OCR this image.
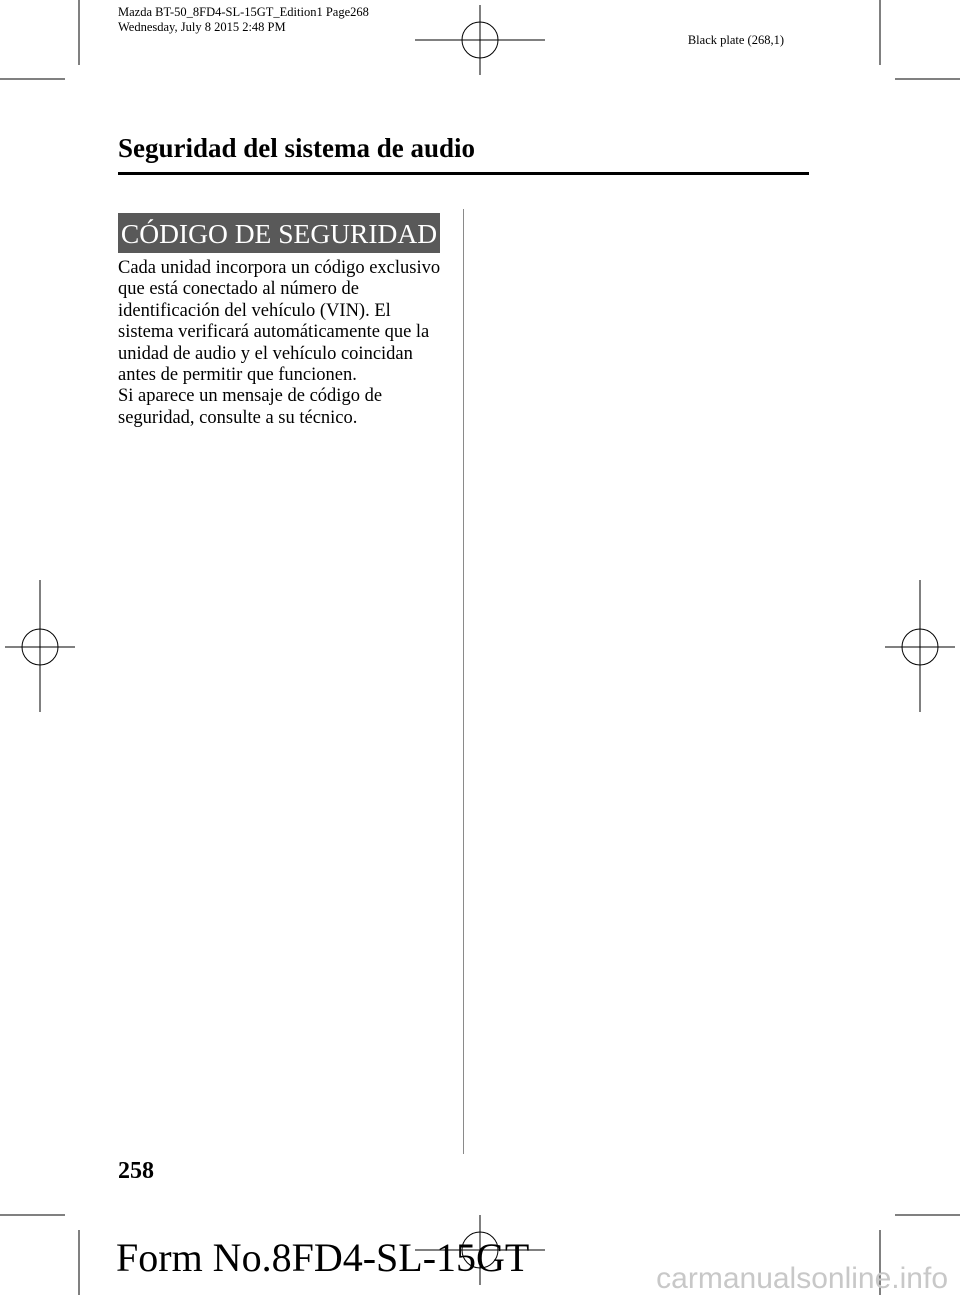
Mazda BT-50_8FD4-SL-15GT_Edition1 Page268
Wednesday, July 8 2015 2:48 PM
Black plate (268,1)
Seguridad del sistema de audio
CÓDIGO DE SEGURIDAD

Cada unidad incorpora un código exclusivo que está conectado al número de identificación del vehículo (VIN). El sistema verificará automáticamente que la unidad de audio y el vehículo coincidan antes de permitir que funcionen.

Si aparece un mensaje de código de seguridad, consulte a su técnico.

258
Form No.8FD4-SL-15GT	carmanualsonline.info
